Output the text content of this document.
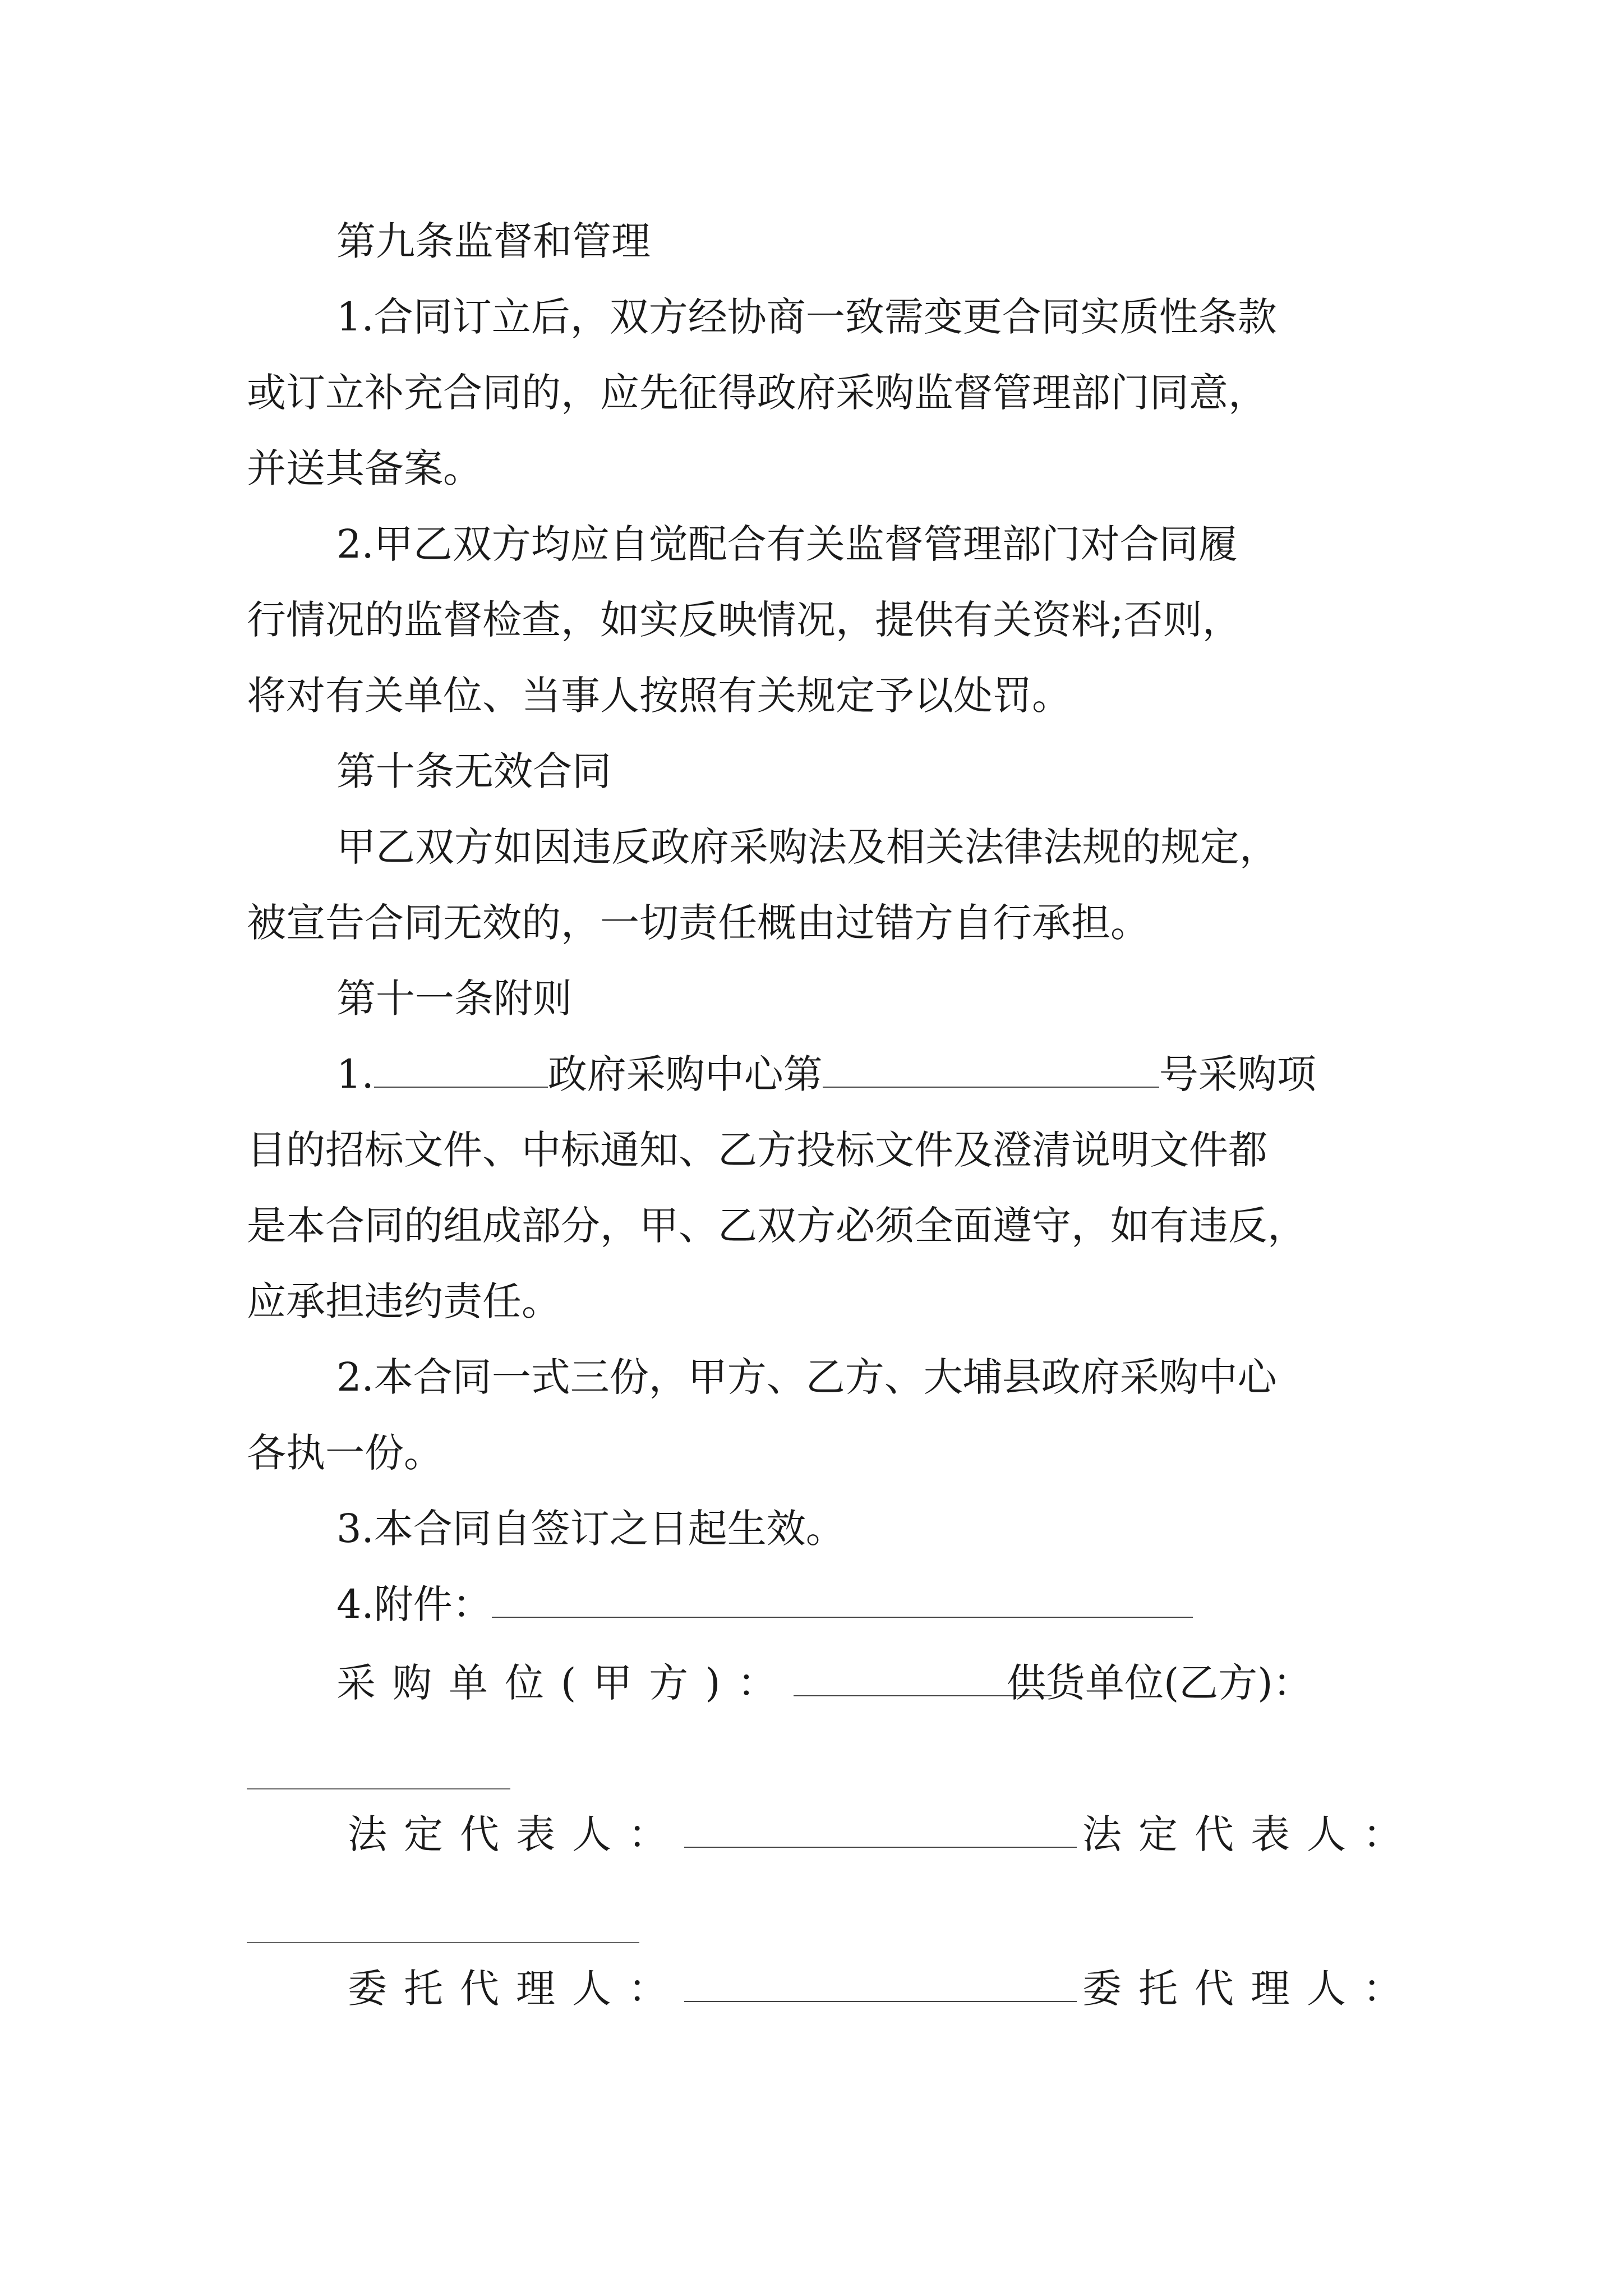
第九条监督和管理
1.合同订立后，双方经协商一致需变更合同实质性条款
或订立补充合同的，应先征得政府采购监督管理部门同意，
并送其备案。
2.甲乙双方均应自觉配合有关监督管理部门对合同履
行情况的监督检查，如实反映情况，提供有关资料;否则，
将对有关单位、当事人按照有关规定予以处罚。
第十条无效合同
甲乙双方如因违反政府采购法及相关法律法规的规定，
被宣告合同无效的，一切责任概由过错方自行承担。
第十一条附则
1.	政府采购中心第	号采购项
目的招标文件、中标通知、乙方投标文件及澄清说明文件都
是本合同的组成部分，甲、乙双方必须全面遵守，如有违反，
应承担违约责任。
2.本合同一式三份，甲方、乙方、大埔县政府采购中心
各执一份。
3.本合同自签订之日起生效。
4.附件：
采购单位(甲方)：	供货单位(乙方)：
法定代表人：	法定代表人：
委托代理人：	委托代理人：
